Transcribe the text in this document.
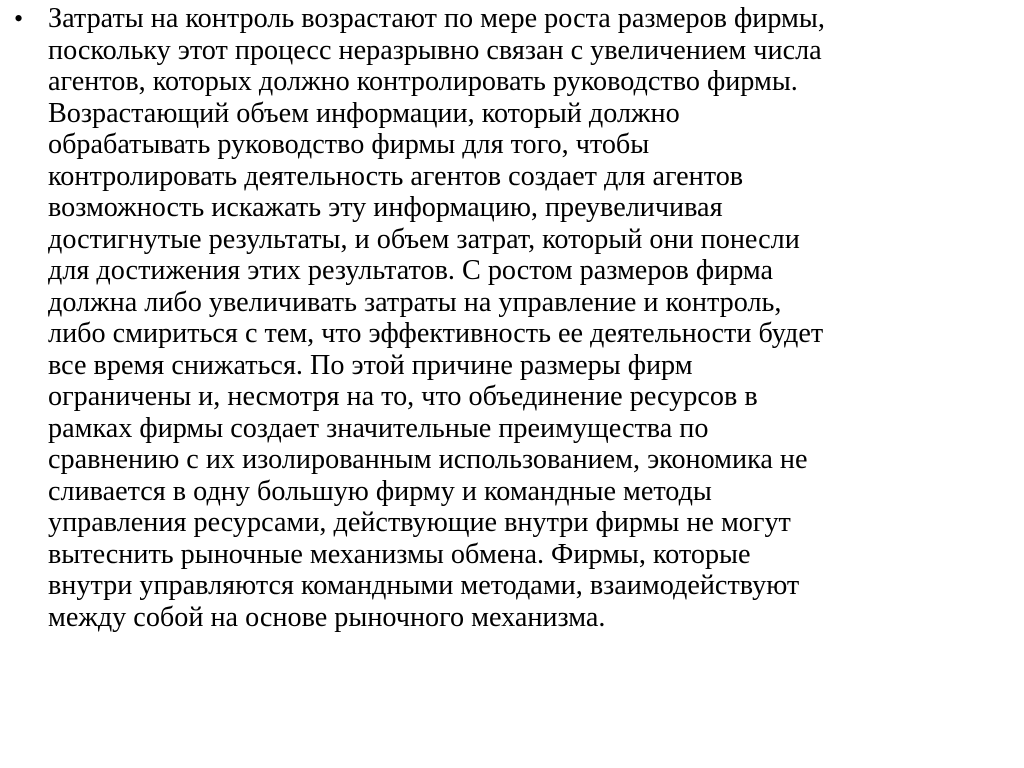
• Затраты на контроль возрастают по мере роста размеров фирмы,
поскольку этот процесс неразрывно связан с увеличением числа
агентов, которых должно контролировать руководство фирмы.
Возрастающий объем информации, который должно
обрабатывать руководство фирмы для того, чтобы
контролировать деятельность агентов создает для агентов
возможность искажать эту информацию, преувеличивая
достигнутые результаты, и объем затрат, который они понесли
для достижения этих результатов. С ростом размеров фирма
должна либо увеличивать затраты на управление и контроль,
либо смириться с тем, что эффективность ее деятельности будет
все время снижаться. По этой причине размеры фирм
ограничены и, несмотря на то, что объединение ресурсов в
рамках фирмы создает значительные преимущества по
сравнению с их изолированным использованием, экономика не
сливается в одну большую фирму и командные методы
управления ресурсами, действующие внутри фирмы не могут
вытеснить рыночные механизмы обмена. Фирмы, которые
внутри управляются командными методами, взаимодействуют
между собой на основе рыночного механизма.
